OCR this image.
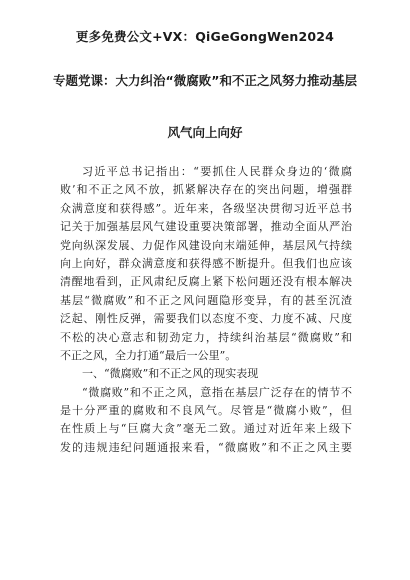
更多免费公文+VX：QiGeGongWen2024
专题党课：大力纠治“微腐败”和不正之风努力推动基层
风气向上向好
习近平总书记指出：“要抓住人民群众身边的‘微腐
败’和不正之风不放，抓紧解决存在的突出问题，增强群
众满意度和获得感”。近年来，各级坚决贯彻习近平总书
记关于加强基层风气建设重要决策部署，推动全面从严治
党向纵深发展、力促作风建设向末端延伸，基层风气持续
向上向好，群众满意度和获得感不断提升。但我们也应该
清醒地看到，正风肃纪反腐上紧下松问题还没有根本解决
基层“微腐败”和不正之风问题隐形变异，有的甚至沉渣
泛起、刚性反弹，需要我们以态度不变、力度不减、尺度
不松的决心意志和韧劲定力，持续纠治基层“微腐败”和
不正之风，全力打通“最后一公里”。
一、“微腐败”和不正之风的现实表现
“微腐败”和不正之风，意指在基层广泛存在的情节不
是十分严重的腐败和不良风气。尽管是“微腐小败”，但
在性质上与“巨腐大贪”毫无二致。通过对近年来上级下
发的违规违纪问题通报来看，“微腐败”和不正之风主要
